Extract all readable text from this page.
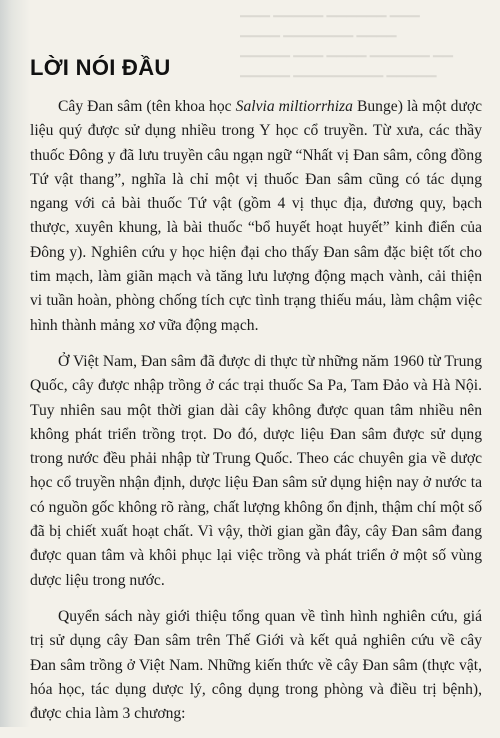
▁▁▁ ▁▁▁▁▁ ▁▁▁▁▁▁ ▁▁▁
▁▁▁▁ ▁▁▁▁▁▁▁ ▁▁▁▁
▁▁▁▁▁ ▁▁▁ ▁▁▁▁ ▁▁▁▁▁▁ ▁▁
▁▁▁▁▁ ▁▁▁▁▁▁▁▁▁ ▁▁▁▁▁
LỜI NÓI ĐẦU

Cây Đan sâm (tên khoa học Salvia miltiorrhiza Bunge) là một dược liệu quý được sử dụng nhiều trong Y học cổ truyền. Từ xưa, các thầy thuốc Đông y đã lưu truyền câu ngạn ngữ “Nhất vị Đan sâm, công đồng Tứ vật thang”, nghĩa là chỉ một vị thuốc Đan sâm cũng có tác dụng ngang với cả bài thuốc Tứ vật (gồm 4 vị thục địa, đương quy, bạch thược, xuyên khung, là bài thuốc “bổ huyết hoạt huyết” kinh điển của Đông y). Nghiên cứu y học hiện đại cho thấy Đan sâm đặc biệt tốt cho tim mạch, làm giãn mạch và tăng lưu lượng động mạch vành, cải thiện vi tuần hoàn, phòng chống tích cực tình trạng thiếu máu, làm chậm việc hình thành mảng xơ vữa động mạch.

Ở Việt Nam, Đan sâm đã được di thực từ những năm 1960 từ Trung Quốc, cây được nhập trồng ở các trại thuốc Sa Pa, Tam Đảo và Hà Nội. Tuy nhiên sau một thời gian dài cây không được quan tâm nhiều nên không phát triển trồng trọt. Do đó, dược liệu Đan sâm được sử dụng trong nước đều phải nhập từ Trung Quốc. Theo các chuyên gia về dược học cổ truyền nhận định, dược liệu Đan sâm sử dụng hiện nay ở nước ta có nguồn gốc không rõ ràng, chất lượng không ổn định, thậm chí một số đã bị chiết xuất hoạt chất. Vì vậy, thời gian gần đây, cây Đan sâm đang được quan tâm và khôi phục lại việc trồng và phát triển ở một số vùng dược liệu trong nước.

Quyển sách này giới thiệu tổng quan về tình hình nghiên cứu, giá trị sử dụng cây Đan sâm trên Thế Giới và kết quả nghiên cứu về cây Đan sâm trồng ở Việt Nam. Những kiến thức về cây Đan sâm (thực vật, hóa học, tác dụng dược lý, công dụng trong phòng và điều trị bệnh), được chia làm 3 chương:
